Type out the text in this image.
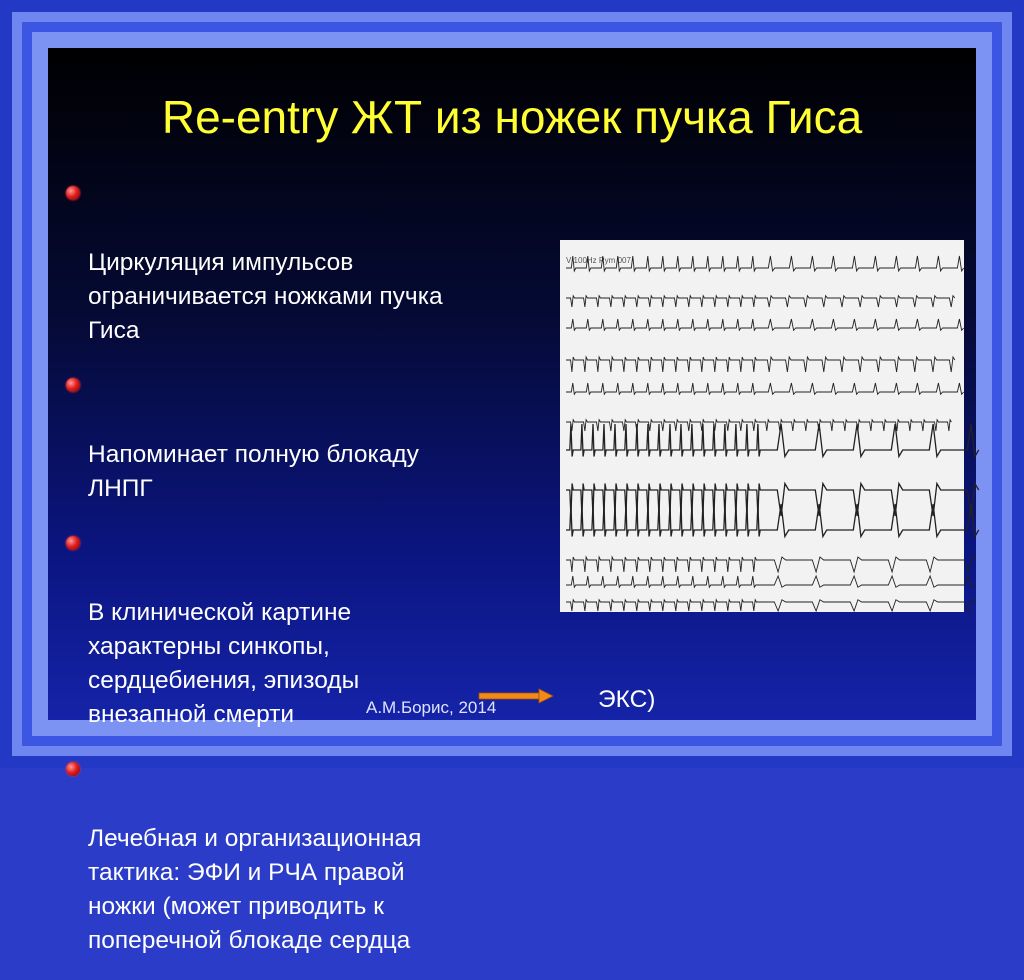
Re-entry ЖТ из ножек пучка Гиса

Циркуляция импульсов
ограничивается ножками пучка
Гиса

Напоминает полную блокаду
ЛНПГ

В клинической картине
характерны синкопы,
сердцебиения, эпизоды
внезапной смерти

Лечебная и организационная
тактика: ЭФИ и РЧА правой
ножки (может приводить к
поперечной блокаде сердца

V 100Hz Rym 007
А.М.Борис, 2014	ЭКС)
